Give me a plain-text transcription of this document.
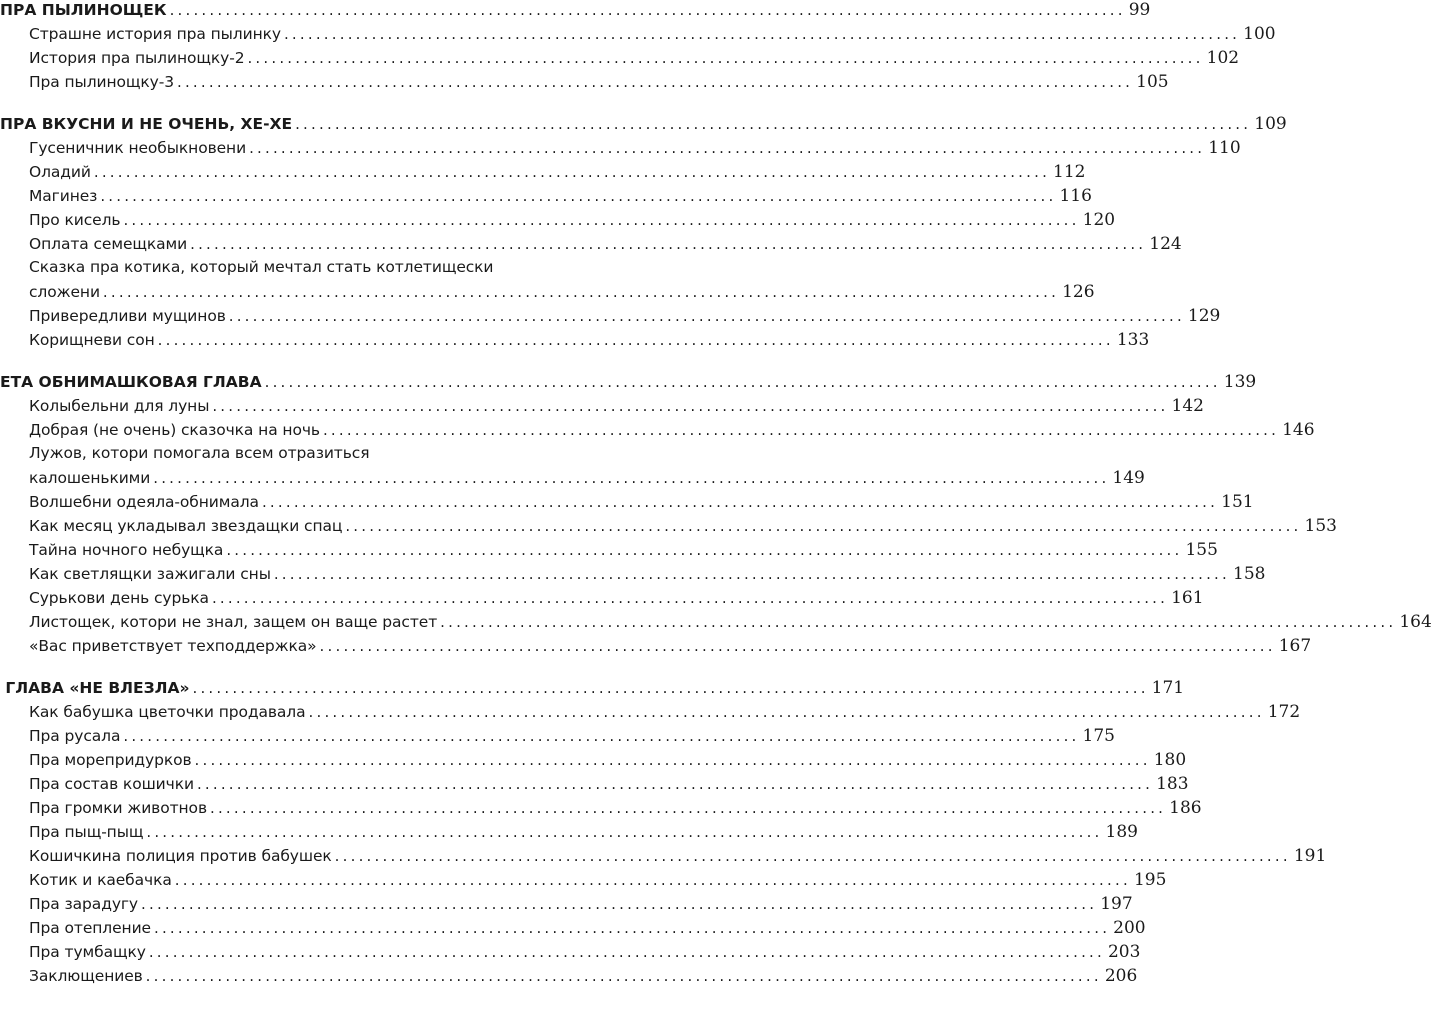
ПРА ПЫЛИНОЩЕК ........................................................................................................................ 99
Страшне история пра пылинку ........................................................................................................................ 100
История пра пылинощку-2 ........................................................................................................................ 102
Пра пылинощку-3 ........................................................................................................................ 105
ПРА ВКУСНИ И НЕ ОЧЕНЬ, ХЕ-ХЕ ........................................................................................................................ 109
Гусеничник необыкновени ........................................................................................................................ 110
Оладий ........................................................................................................................ 112
Магинез ........................................................................................................................ 116
Про кисель ........................................................................................................................ 120
Оплата семещками ........................................................................................................................ 124
Сказка пра котика, который мечтал стать котлетищески
сложени ........................................................................................................................ 126
Привередливи мущинов ........................................................................................................................ 129
Корищневи сон ........................................................................................................................ 133
ЕТА ОБНИМАШКОВАЯ ГЛАВА ........................................................................................................................ 139
Колыбельни для луны ........................................................................................................................ 142
Добрая (не очень) сказочка на ночь ........................................................................................................................ 146
Лужов, котори помогала всем отразиться
калошенькими ........................................................................................................................ 149
Волшебни одеяла-обнимала ........................................................................................................................ 151
Как месяц укладывал звездащки спац ........................................................................................................................ 153
Тайна ночного небущка ........................................................................................................................ 155
Как светлящки зажигали сны ........................................................................................................................ 158
Сурькови день сурька ........................................................................................................................ 161
Листощек, котори не знал, защем он ваще растет ........................................................................................................................ 164
«Вас приветствует техподдержка» ........................................................................................................................ 167
ГЛАВА «НЕ ВЛЕЗЛА» ........................................................................................................................ 171
Как бабушка цветочки продавала ........................................................................................................................ 172
Пра русала ........................................................................................................................ 175
Пра морепридурков ........................................................................................................................ 180
Пра состав кошички ........................................................................................................................ 183
Пра громки животнов ........................................................................................................................ 186
Пра пыщ-пыщ ........................................................................................................................ 189
Кошичкина полиция против бабушек ........................................................................................................................ 191
Котик и каебачка ........................................................................................................................ 195
Пра зарадугу ........................................................................................................................ 197
Пра отепление ........................................................................................................................ 200
Пра тумбащку ........................................................................................................................ 203
Заклющениев ........................................................................................................................ 206
